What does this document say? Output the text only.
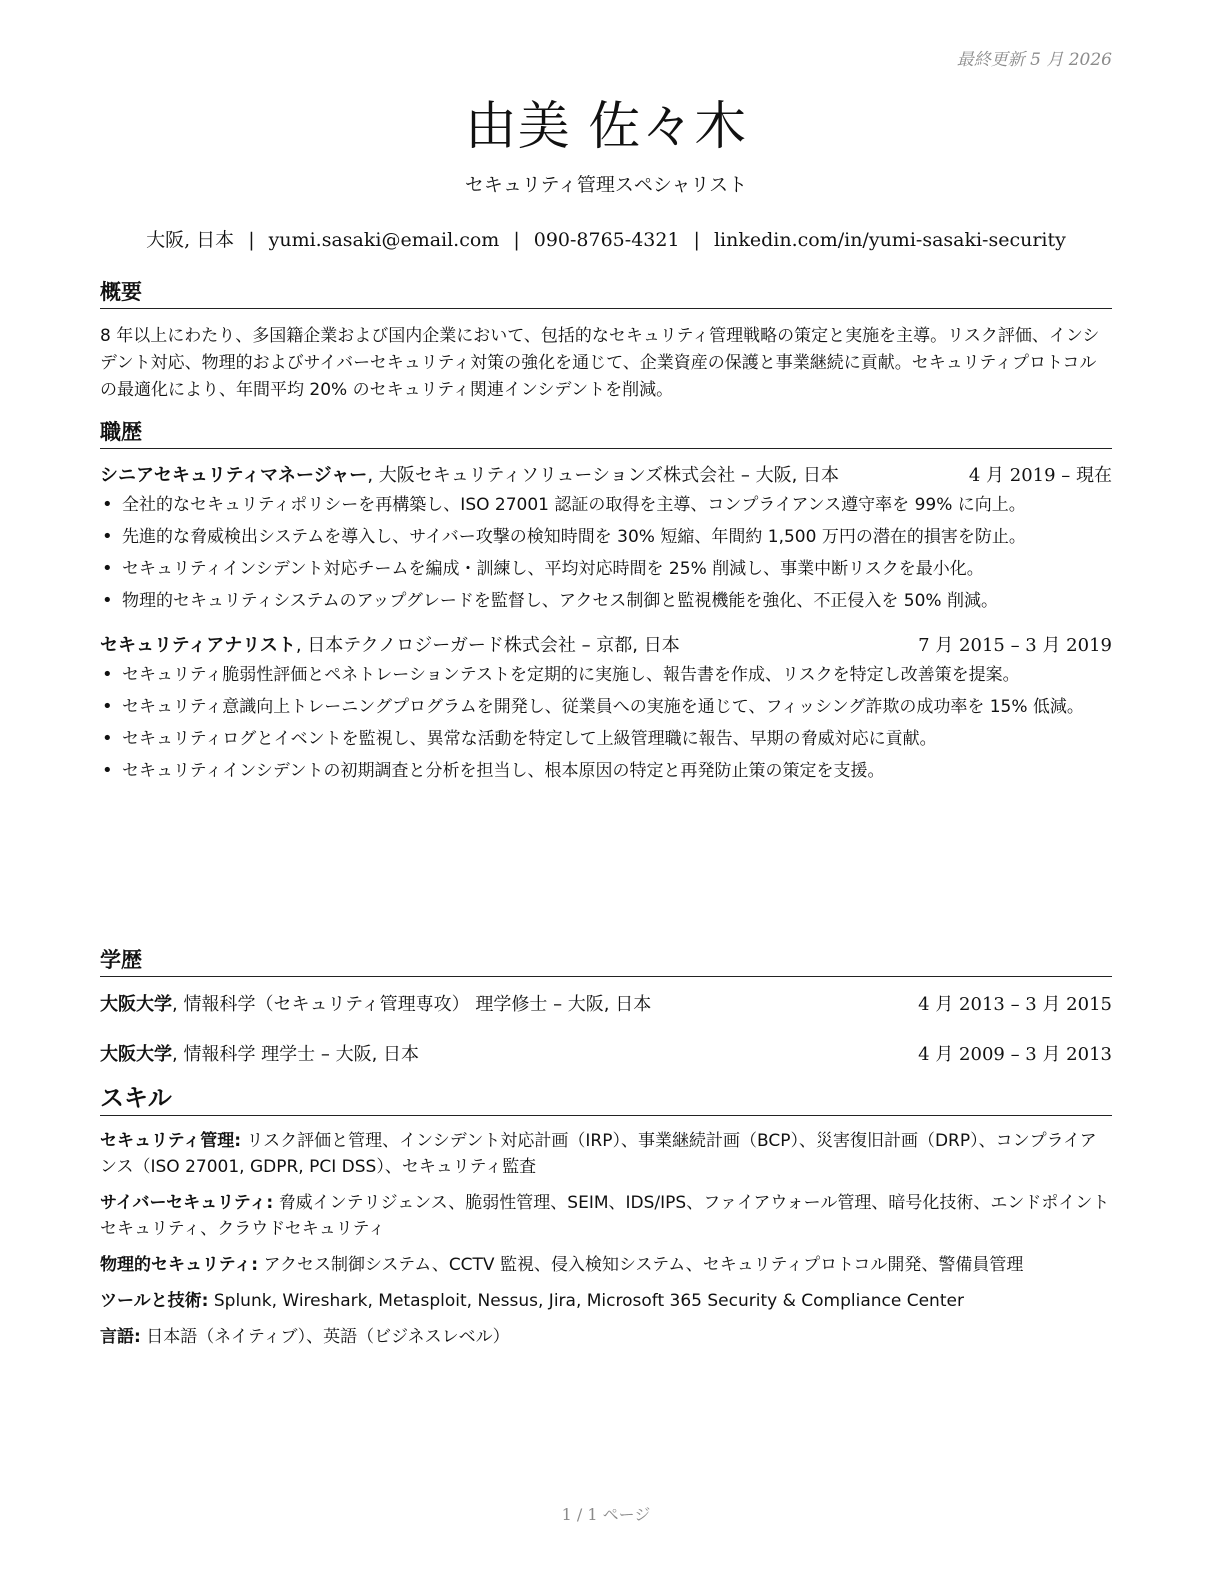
最終更新 5 月 2026
由美 佐々木
セキュリティ管理スペシャリスト
大阪, 日本 | yumi.sasaki@email.com | 090-8765-4321 | linkedin.com/in/yumi-sasaki-security
概要
8 年以上にわたり、多国籍企業および国内企業において、包括的なセキュリティ管理戦略の策定と実施を主導。リスク評価、インシデント対応、物理的およびサイバーセキュリティ対策の強化を通じて、企業資産の保護と事業継続に貢献。セキュリティプロトコルの最適化により、年間平均 20% のセキュリティ関連インシデントを削減。
職歴
シニアセキュリティマネージャー, 大阪セキュリティソリューションズ株式会社 – 大阪, 日本	4 月 2019 – 現在
• 全社的なセキュリティポリシーを再構築し、ISO 27001 認証の取得を主導、コンプライアンス遵守率を 99% に向上。
• 先進的な脅威検出システムを導入し、サイバー攻撃の検知時間を 30% 短縮、年間約 1,500 万円の潜在的損害を防止。
• セキュリティインシデント対応チームを編成・訓練し、平均対応時間を 25% 削減し、事業中断リスクを最小化。
• 物理的セキュリティシステムのアップグレードを監督し、アクセス制御と監視機能を強化、不正侵入を 50% 削減。
セキュリティアナリスト, 日本テクノロジーガード株式会社 – 京都, 日本	7 月 2015 – 3 月 2019
• セキュリティ脆弱性評価とペネトレーションテストを定期的に実施し、報告書を作成、リスクを特定し改善策を提案。
• セキュリティ意識向上トレーニングプログラムを開発し、従業員への実施を通じて、フィッシング詐欺の成功率を 15% 低減。
• セキュリティログとイベントを監視し、異常な活動を特定して上級管理職に報告、早期の脅威対応に貢献。
• セキュリティインシデントの初期調査と分析を担当し、根本原因の特定と再発防止策の策定を支援。
学歴
大阪大学, 情報科学（セキュリティ管理専攻） 理学修士 – 大阪, 日本	4 月 2013 – 3 月 2015
大阪大学, 情報科学 理学士 – 大阪, 日本	4 月 2009 – 3 月 2013
スキル
セキュリティ管理: リスク評価と管理、インシデント対応計画（IRP）、事業継続計画（BCP）、災害復旧計画（DRP）、コンプライアンス（ISO 27001, GDPR, PCI DSS）、セキュリティ監査
サイバーセキュリティ: 脅威インテリジェンス、脆弱性管理、SEIM、IDS/IPS、ファイアウォール管理、暗号化技術、エンドポイントセキュリティ、クラウドセキュリティ
物理的セキュリティ: アクセス制御システム、CCTV 監視、侵入検知システム、セキュリティプロトコル開発、警備員管理
ツールと技術: Splunk, Wireshark, Metasploit, Nessus, Jira, Microsoft 365 Security & Compliance Center
言語: 日本語（ネイティブ）、英語（ビジネスレベル）
1 / 1 ページ
